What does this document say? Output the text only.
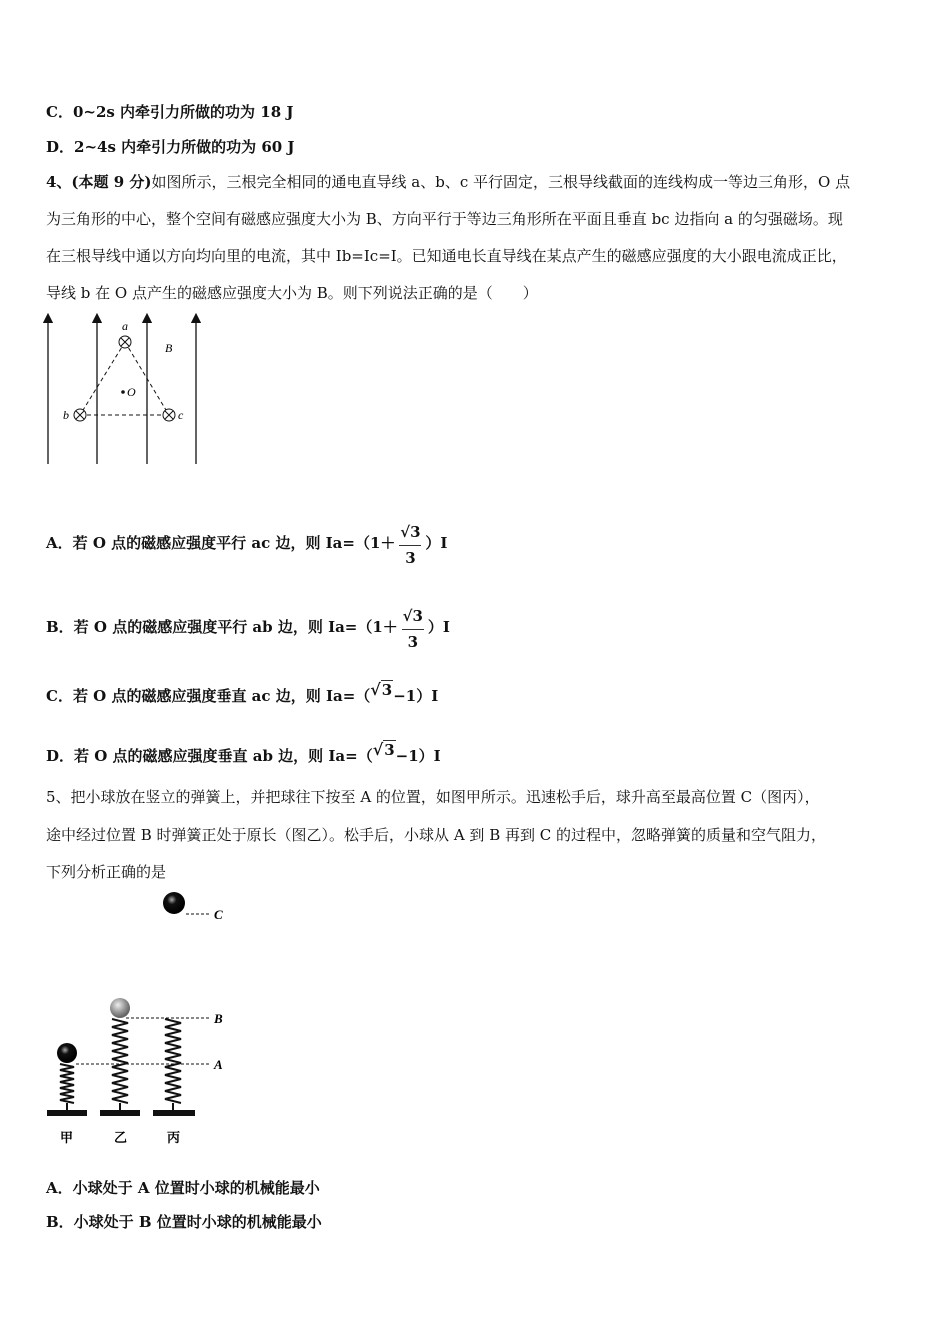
C．0~2s 内牵引力所做的功为 18 J
D．2~4s 内牵引力所做的功为 60 J
4、(本题 9 分)如图所示，三根完全相同的通电直导线 a、b、c 平行固定，三根导线截面的连线构成一等边三角形，O 点
为三角形的中心，整个空间有磁感应强度大小为 B、方向平行于等边三角形所在平面且垂直 bc 边指向 a 的匀强磁场。现
在三根导线中通以方向均向里的电流，其中 Ib=Ic=I。已知通电长直导线在某点产生的磁感应强度的大小跟电流成正比，
导线 b 在 O 点产生的磁感应强度大小为 B。则下列说法正确的是（　　）
a
b	c
O
B
A．若 O 点的磁感应强度平行 ac 边，则 $Ia=(1+ \frac{√3}{3} )I$
B．若 O 点的磁感应强度平行 ab 边，则 $Ia=(1+ \frac{√3}{3} )I$
C．若 O 点的磁感应强度垂直 ac 边，则 Ia=（√3−1）I
D．若 O 点的磁感应强度垂直 ab 边，则 Ia=（√3−1）I
5、把小球放在竖立的弹簧上，并把球往下按至 A 的位置，如图甲所示。迅速松手后，球升高至最高位置 C（图丙），
途中经过位置 B 时弹簧正处于原长（图乙）。松手后，小球从 A 到 B 再到 C 的过程中，忽略弹簧的质量和空气阻力，
下列分析正确的是
C
B
A
甲	乙	丙
A．小球处于 A 位置时小球的机械能最小
B．小球处于 B 位置时小球的机械能最小
